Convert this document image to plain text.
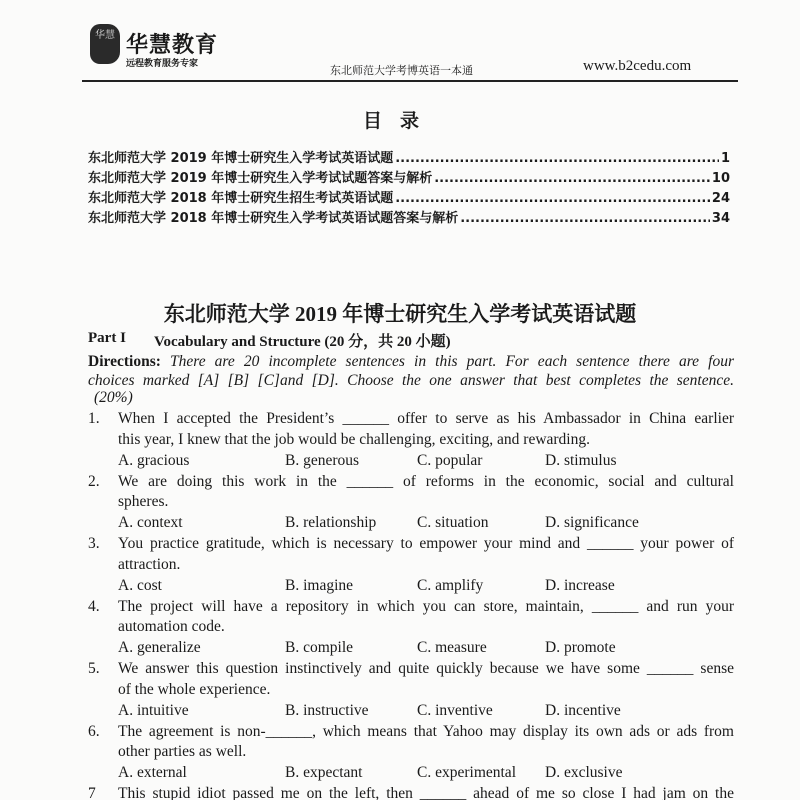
华慧 华慧教育
远程教育服务专家	东北师范大学考博英语一本通	www.b2cedu.com
目录
东北师范大学 2019 年博士研究生入学考试英语试题 .....	1
东北师范大学 2019 年博士研究生入学考试试题答案与解析 .....	10
东北师范大学 2018 年博士研究生招生考试英语试题 .....	24
东北师范大学 2018 年博士研究生入学考试英语试题答案与解析 .....	34
东北师范大学 2019 年博士研究生入学考试英语试题
Part I Vocabulary and Structure (20 分，共 20 小题)
Directions: There are 20 incomplete sentences in this part. For each sentence there are four
choices marked [A] [B] [C]and [D]. Choose the one answer that best completes the sentence.
(20%)
1. When I accepted the President’s ______ offer to serve as his Ambassador in China earlier
this year, I knew that the job would be challenging, exciting, and rewarding.
A. gracious	B. generous	C. popular	D. stimulus
2. We are doing this work in the ______ of reforms in the economic, social and cultural
spheres.
A. context	B. relationship	C. situation	D. significance
3. You practice gratitude, which is necessary to empower your mind and ______ your power of
attraction.
A. cost	B. imagine	C. amplify	D. increase
4. The project will have a repository in which you can store, maintain, ______ and run your
automation code.
A. generalize	B. compile	C. measure	D. promote
5. We answer this question instinctively and quite quickly because we have some ______ sense
of the whole experience.
A. intuitive	B. instructive	C. inventive	D. incentive
6. The agreement is non-______, which means that Yahoo may display its own ads or ads from
other parties as well.
A. external	B. expectant	C. experimental D. exclusive
7 This stupid idiot passed me on the left, then ______ ahead of me so close I had jam on the
